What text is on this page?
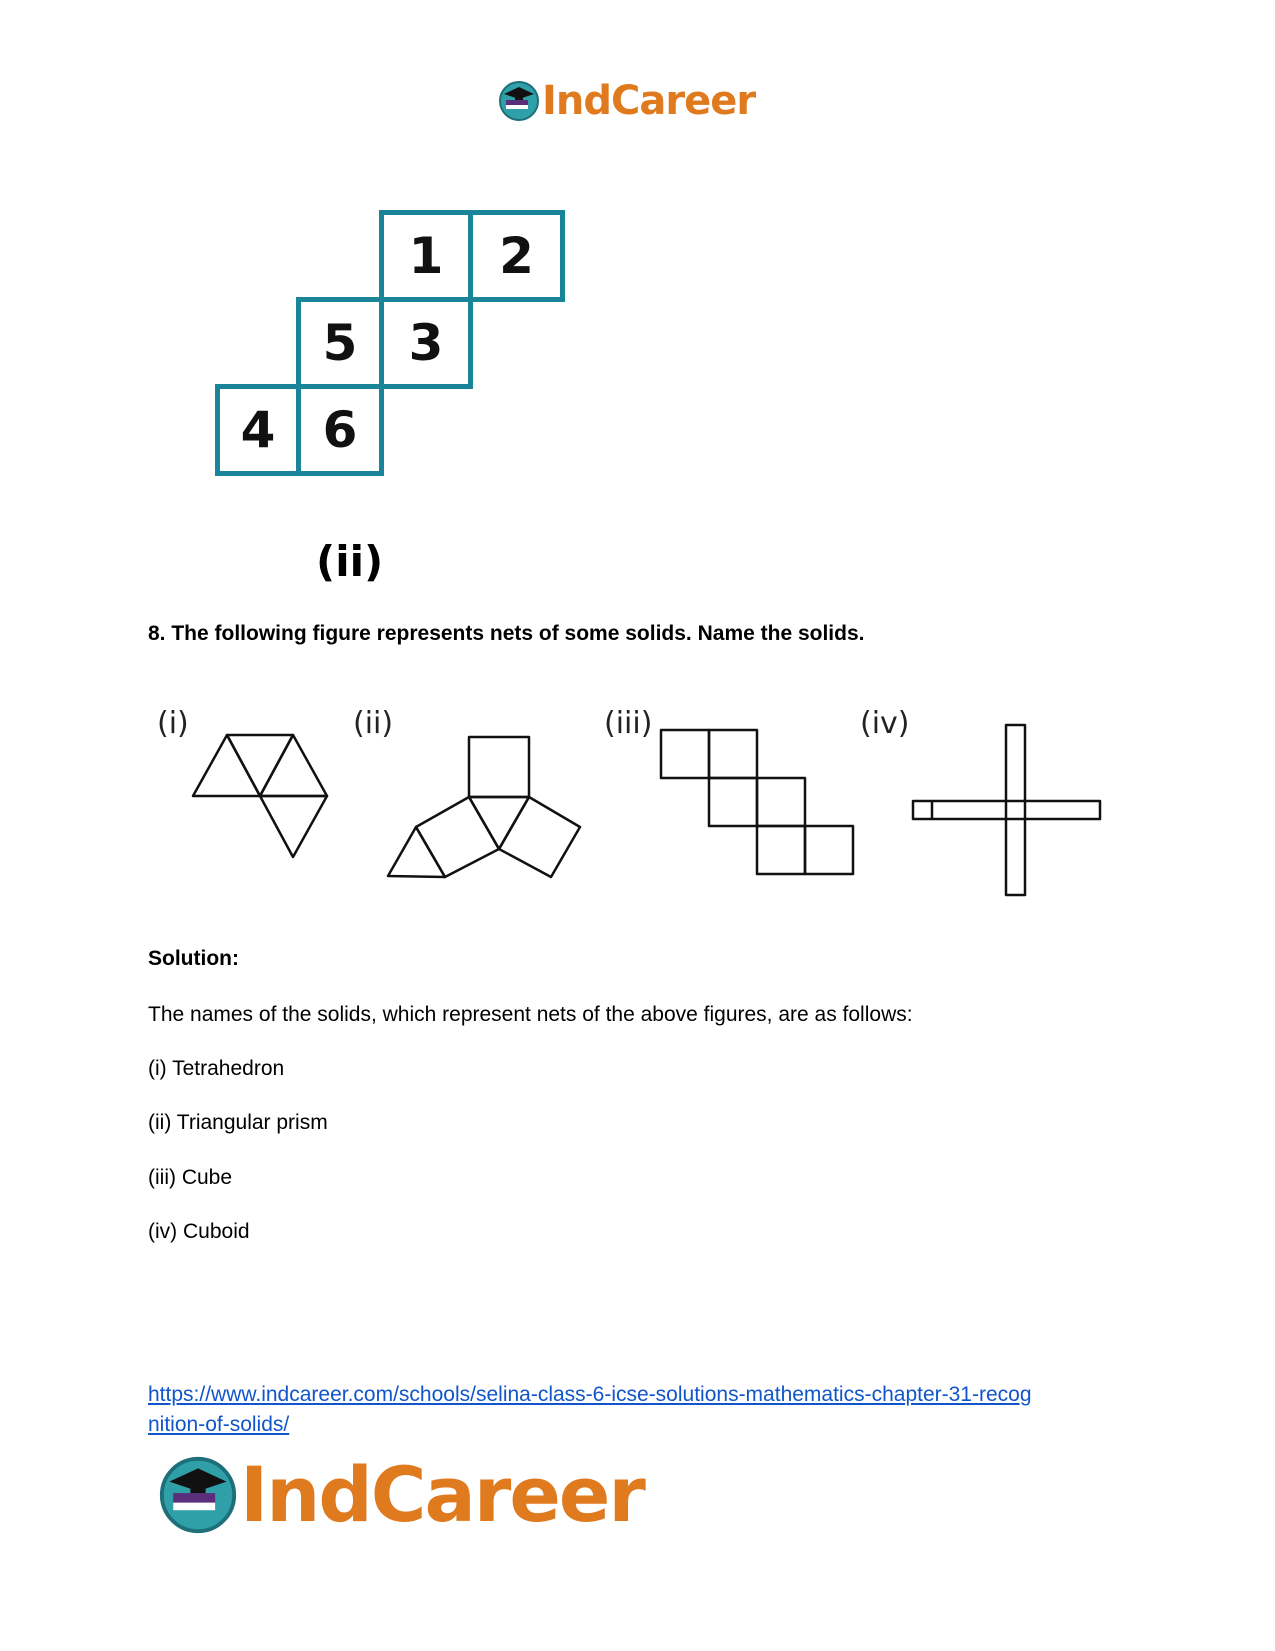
IndCareer
1	2
5	3
4 6
(ii)
8. The following figure represents nets of some solids. Name the solids.
(i)	(ii)	(iii)	(iv)
Solution:
The names of the solids, which represent nets of the above figures, are as follows:
(i) Tetrahedron
(ii) Triangular prism
(iii) Cube
(iv) Cuboid
https://www.indcareer.com/schools/selina-class-6-icse-solutions-mathematics-chapter-31-recog
nition-of-solids/
IndCareer
